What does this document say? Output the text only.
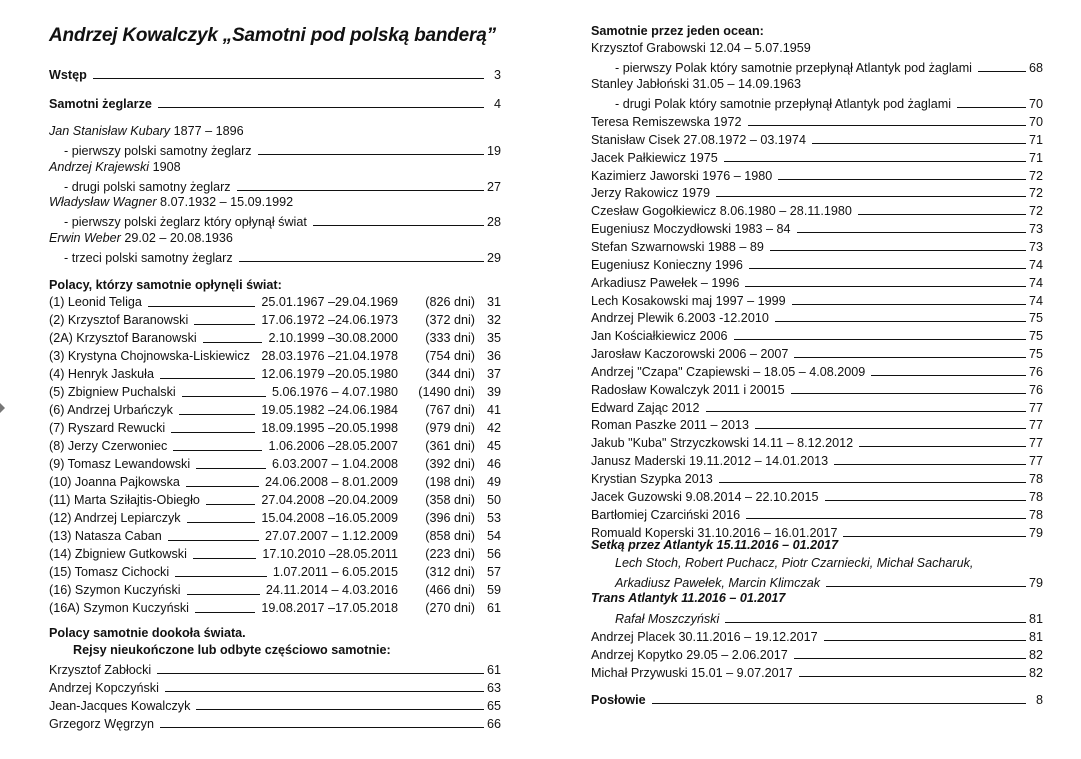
Andrzej Kowalczyk „Samotni pod polską banderą”
Wstęp	3
Samotni żeglarze	4
Jan Stanisław Kubary 1877 – 1896
- pierwszy polski samotny żeglarz	19
Andrzej Krajewski 1908
- drugi polski samotny żeglarz	27
Władysław Wagner 8.07.1932 – 15.09.1992
- pierwszy polski żeglarz który opłynął świat	28
Erwin Weber 29.02 – 20.08.1936
- trzeci polski samotny żeglarz	29
Polacy, którzy samotnie opłynęli świat:
(1) Leonid Teliga	25.01.1967 –29.04.1969 (826 dni) 31
(2) Krzysztof Baranowski	17.06.1972 –24.06.1973 (372 dni) 32
(2A) Krzysztof Baranowski	2.10.1999 –30.08.2000 (333 dni) 35
(3) Krystyna Chojnowska-Liskiewicz 28.03.1976 –21.04.1978 (754 dni) 36
(4) Henryk Jaskuła	12.06.1979 –20.05.1980 (344 dni) 37
(5) Zbigniew Puchalski	5.06.1976 – 4.07.1980 (1490 dni) 39
(6) Andrzej Urbańczyk	19.05.1982 –24.06.1984 (767 dni) 41
(7) Ryszard Rewucki	18.09.1995 –20.05.1998 (979 dni) 42
(8) Jerzy Czerwoniec	1.06.2006 –28.05.2007 (361 dni) 45
(9) Tomasz Lewandowski	6.03.2007 – 1.04.2008 (392 dni) 46
(10) Joanna Pajkowska	24.06.2008 – 8.01.2009 (198 dni) 49
(11) Marta Sziłajtis-Obiegło	27.04.2008 –20.04.2009 (358 dni) 50
(12) Andrzej Lepiarczyk	15.04.2008 –16.05.2009 (396 dni) 53
(13) Natasza Caban	27.07.2007 – 1.12.2009 (858 dni) 54
(14) Zbigniew Gutkowski	17.10.2010 –28.05.2011 (223 dni) 56
(15) Tomasz Cichocki	1.07.2011 – 6.05.2015 (312 dni) 57
(16) Szymon Kuczyński	24.11.2014 – 4.03.2016 (466 dni) 59
(16A) Szymon Kuczyński	19.08.2017 –17.05.2018 (270 dni) 61
Polacy samotnie dookoła świata.
Rejsy nieukończone lub odbyte częściowo samotnie:
Krzysztof Zabłocki	61
Andrzej Kopczyński	63
Jean-Jacques Kowalczyk	65
Grzegorz Węgrzyn	66
Samotnie przez jeden ocean:
Krzysztof Grabowski 12.04 – 5.07.1959
- pierwszy Polak który samotnie przepłynął Atlantyk pod żaglami	68
Stanley Jabłoński 31.05 – 14.09.1963
- drugi Polak który samotnie przepłynął Atlantyk pod żaglami	70
Teresa Remiszewska 1972	70
Stanisław Cisek 27.08.1972 – 03.1974	71
Jacek Pałkiewicz 1975	71
Kazimierz Jaworski 1976 – 1980	72
Jerzy Rakowicz 1979	72
Czesław Gogołkiewicz 8.06.1980 – 28.11.1980	72
Eugeniusz Moczydłowski 1983 – 84	73
Stefan Szwarnowski 1988 – 89	73
Eugeniusz Konieczny 1996	74
Arkadiusz Pawełek – 1996	74
Lech Kosakowski maj 1997 – 1999	74
Andrzej Plewik 6.2003 -12.2010	75
Jan Kościałkiewicz 2006	75
Jarosław Kaczorowski 2006 – 2007	75
Andrzej "Czapa" Czapiewski – 18.05 – 4.08.2009	76
Radosław Kowalczyk 2011 i 20015	76
Edward Zając 2012	77
Roman Paszke 2011 – 2013	77
Jakub "Kuba" Strzyczkowski 14.11 – 8.12.2012	77
Janusz Maderski 19.11.2012 – 14.01.2013	77
Krystian Szypka 2013	78
Jacek Guzowski 9.08.2014 – 22.10.2015	78
Bartłomiej Czarciński 2016	78
Romuald Koperski 31.10.2016 – 16.01.2017	79
Setką przez Atlantyk 15.11.2016 – 01.2017
Lech Stoch, Robert Puchacz, Piotr Czarniecki, Michał Sacharuk,
Arkadiusz Pawełek, Marcin Klimczak	79
Trans Atlantyk 11.2016 – 01.2017
Rafał Moszczyński	81
Andrzej Placek 30.11.2016 – 19.12.2017	81
Andrzej Kopytko 29.05 – 2.06.2017	82
Michał Przywuski 15.01 – 9.07.2017	82
Posłowie	8
